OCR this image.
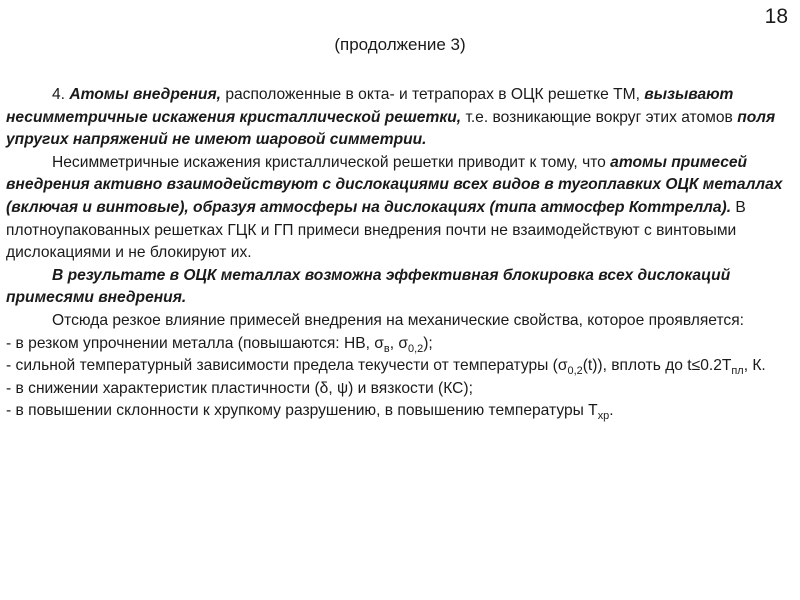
18
(продолжение 3)

4. Атомы внедрения, расположенные в окта- и тетрапорах в ОЦК решетке ТМ, вызывают несимметричные искажения кристаллической решетки, т.е. возникающие вокруг этих атомов поля упругих напряжений не имеют шаровой симметрии.

Несимметричные искажения кристаллической решетки приводит к тому, что атомы примесей внедрения активно взаимодействуют с дислокациями всех видов в тугоплавких ОЦК металлах (включая и винтовые), образуя атмосферы на дислокациях (типа атмосфер Коттрелла). В плотноупакованных решетках ГЦК и ГП примеси внедрения почти не взаимодействуют с винтовыми дислокациями и не блокируют их.

В результате в ОЦК металлах возможна эффективная блокировка всех дислокаций примесями внедрения.

Отсюда резкое влияние примесей внедрения на механические свойства, которое проявляется:

- в резком упрочнении металла (повышаются: НВ, $\sigma_в$, $\sigma_{0,2}$);

- сильной температурный зависимости предела текучести от температуры $(\sigma_{0,2}(t))$, вплоть до $t\le 0.2T_{пл}$, К.

- в снижении характеристик пластичности (δ, ψ) и вязкости (КС);

- в повышении склонности к хрупкому разрушению, в повышению температуры $Т_{хр}$.
